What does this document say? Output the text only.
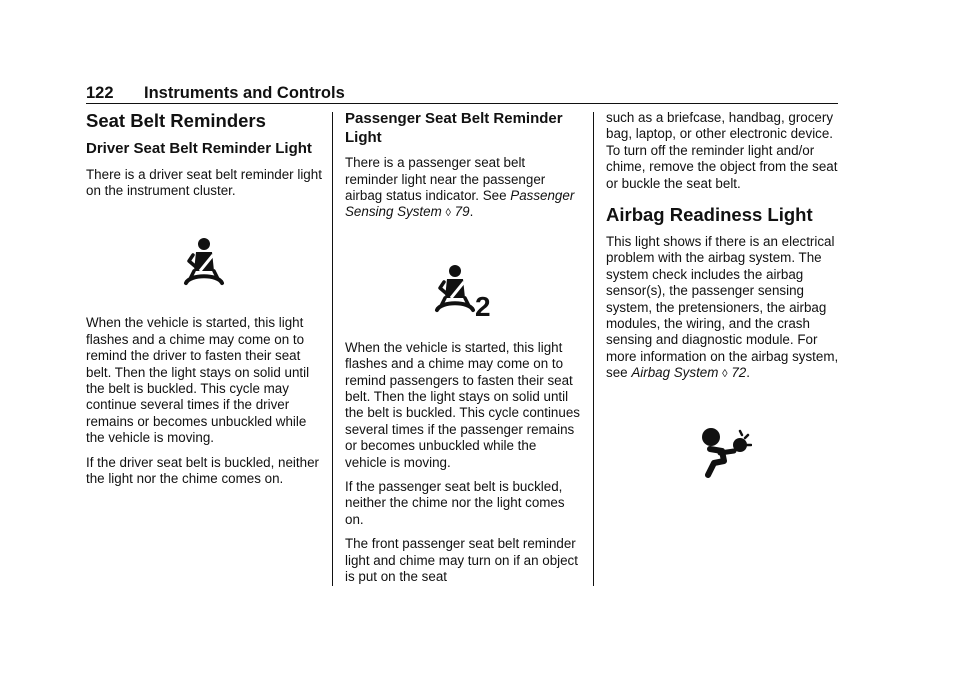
122 Instruments and Controls
Seat Belt Reminders
Driver Seat Belt Reminder Light

There is a driver seat belt reminder light on the instrument cluster.

When the vehicle is started, this light flashes and a chime may come on to remind the driver to fasten their seat belt. Then the light stays on solid until the belt is buckled. This cycle may continue several times if the driver remains or becomes unbuckled while the vehicle is moving.

If the driver seat belt is buckled, neither the light nor the chime comes on.

Passenger Seat Belt Reminder Light

There is a passenger seat belt reminder light near the passenger airbag status indicator. See Passenger Sensing System ◊ 79.

2

When the vehicle is started, this light flashes and a chime may come on to remind passengers to fasten their seat belt. Then the light stays on solid until the belt is buckled. This cycle continues several times if the passenger remains or becomes unbuckled while the vehicle is moving.

If the passenger seat belt is buckled, neither the chime nor the light comes on.

The front passenger seat belt reminder light and chime may turn on if an object is put on the seat

such as a briefcase, handbag, grocery bag, laptop, or other electronic device. To turn off the reminder light and/or chime, remove the object from the seat or buckle the seat belt.

Airbag Readiness Light

This light shows if there is an electrical problem with the airbag system. The system check includes the airbag sensor(s), the passenger sensing system, the pretensioners, the airbag modules, the wiring, and the crash sensing and diagnostic module. For more information on the airbag system, see Airbag System ◊ 72.
